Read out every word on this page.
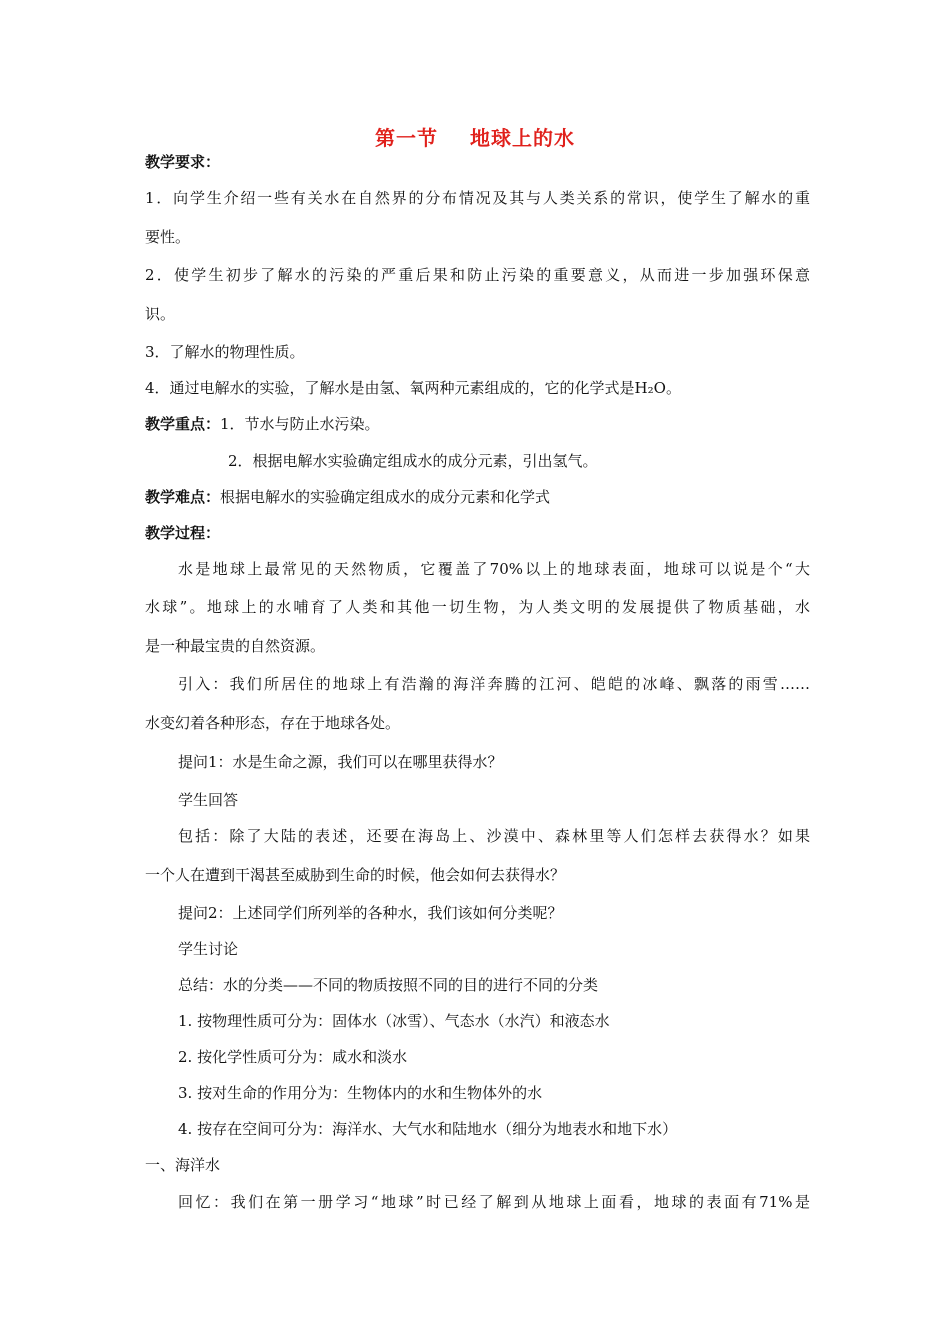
第一节 地球上的水
教学要求：
1．向学生介绍一些有关水在自然界的分布情况及其与人类关系的常识，使学生了解水的重
要性。
2．使学生初步了解水的污染的严重后果和防止污染的重要意义，从而进一步加强环保意
识。
3．了解水的物理性质。
4．通过电解水的实验，了解水是由氢、氧两种元素组成的，它的化学式是H₂O。
教学重点：1．节水与防止水污染。
2．根据电解水实验确定组成水的成分元素，引出氢气。
教学难点：根据电解水的实验确定组成水的成分元素和化学式
教学过程：
水是地球上最常见的天然物质，它覆盖了70%以上的地球表面，地球可以说是个“大
水球”。地球上的水哺育了人类和其他一切生物，为人类文明的发展提供了物质基础，水
是一种最宝贵的自然资源。
引入：我们所居住的地球上有浩瀚的海洋奔腾的江河、皑皑的冰峰、飘落的雨雪……
水变幻着各种形态，存在于地球各处。
提问1：水是生命之源，我们可以在哪里获得水？
学生回答
包括：除了大陆的表述，还要在海岛上、沙漠中、森林里等人们怎样去获得水？如果
一个人在遭到干渴甚至威胁到生命的时候，他会如何去获得水？
提问2：上述同学们所列举的各种水，我们该如何分类呢？
学生讨论
总结：水的分类——不同的物质按照不同的目的进行不同的分类
1. 按物理性质可分为：固体水（冰雪）、气态水（水汽）和液态水
2. 按化学性质可分为：咸水和淡水
3. 按对生命的作用分为：生物体内的水和生物体外的水
4. 按存在空间可分为：海洋水、大气水和陆地水（细分为地表水和地下水）
一、海洋水
回忆：我们在第一册学习“地球”时已经了解到从地球上面看，地球的表面有71%是
